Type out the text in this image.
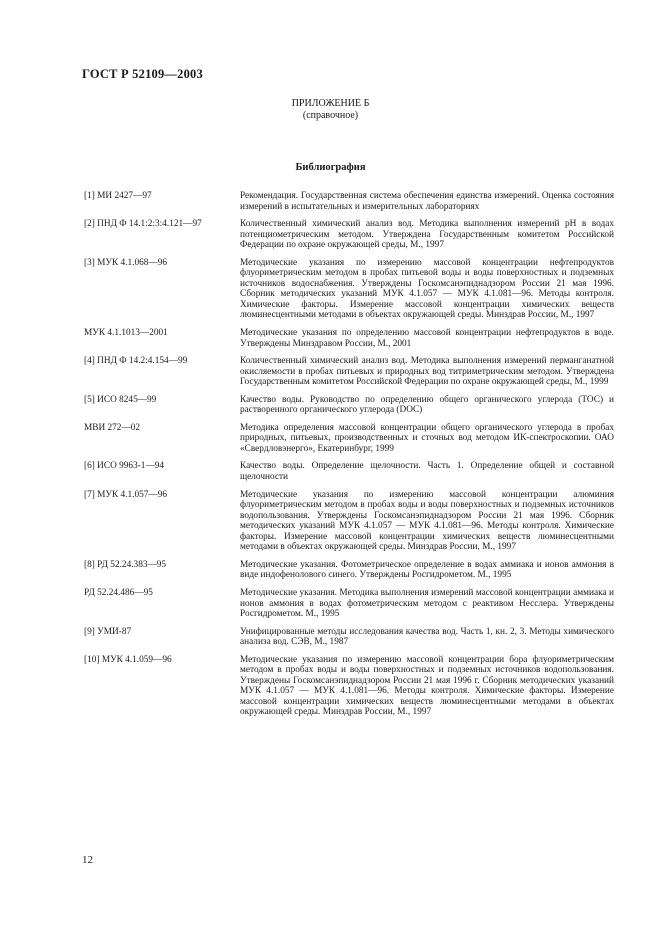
ГОСТ Р 52109—2003
ПРИЛОЖЕНИЕ Б
(справочное)
Библиография
[1] МИ 2427—97	Рекомендация. Государственная система обеспечения единства измерений. Оценка состояния измерений в испытательных и измерительных лабораториях
[2] ПНД Ф 14.1:2:3:4.121—97	Количественный химический анализ вод. Методика выполнения измерений pH в водах потенциометрическим методом. Утверждена Государственным комитетом Российской Федерации по охране окружающей среды, М., 1997
[3] МУК 4.1.068—96	Методические указания по измерению массовой концентрации нефтепродуктов флуориметрическим методом в пробах питьевой воды и воды поверхностных и подземных источников водоснабжения. Утверждены Госкомсанэпиднадзором России 21 мая 1996. Сборник методических указаний МУК 4.1.057 — МУК 4.1.081—96. Методы контроля. Химические факторы. Измерение массовой концентрации химических веществ люминесцентными методами в объектах окружающей среды. Минздрав России, М., 1997
МУК 4.1.1013—2001	Методические указания по определению массовой концентрации нефтепродуктов в воде. Утверждены Минздравом России, М., 2001
[4] ПНД Ф 14.2:4.154—99	Количественный химический анализ вод. Методика выполнения измерений перманганатной окисляемости в пробах питьевых и природных вод титриметрическим методом. Утверждена Государственным комитетом Российской Федерации по охране окружающей среды, М., 1999
[5] ИСО 8245—99	Качество воды. Руководство по определению общего органического углерода (ТОС) и растворенного органического углерода (DOC)
МВИ 272—02	Методика определения массовой концентрации общего органического углерода в пробах природных, питьевых, производственных и сточных вод методом ИК-спектроскопии. ОАО «Свердловэнерго», Екатеринбург, 1999
[6] ИСО 9963-1—94	Качество воды. Определение щелочности. Часть 1. Определение общей и составной щелочности
[7] МУК 4.1.057—96	Методические указания по измерению массовой концентрации алюминия флуориметрическим методом в пробах воды и воды поверхностных и подземных источников водопользования. Утверждены Госкомсанэпиднадзором России 21 мая 1996. Сборник методических указаний МУК 4.1.057 — МУК 4.1.081—96. Методы контроля. Химические факторы. Измерение массовой концентрации химических веществ люминесцентными методами в объектах окружающей среды. Минздрав России, М., 1997
[8] РД 52.24.383—95	Методические указания. Фотометрическое определение в водах аммиака и ионов аммония в виде индофенолового синего. Утверждены Росгидрометом. М., 1995
РД 52.24.486—95	Методические указания. Методика выполнения измерений массовой концентрации аммиака и ионов аммония в водах фотометрическим методом с реактивом Несслера. Утверждены Росгидрометом. М., 1995
[9] УМИ-87	Унифицированные методы исследования качества вод. Часть 1, кн. 2, 3. Методы химического анализа вод. СЭВ, М., 1987
[10] МУК 4.1.059—96	Методические указания по измерению массовой концентрации бора флуориметрическим методом в пробах воды и воды поверхностных и подземных источников водопользования. Утверждены Госкомсанэпиднадзором России 21 мая 1996 г. Сборник методических указаний МУК 4.1.057 — МУК 4.1.081—96. Методы контроля. Химические факторы. Измерение массовой концентрации химических веществ люминесцентными методами в объектах окружающей среды. Минздрав России, М., 1997
12
